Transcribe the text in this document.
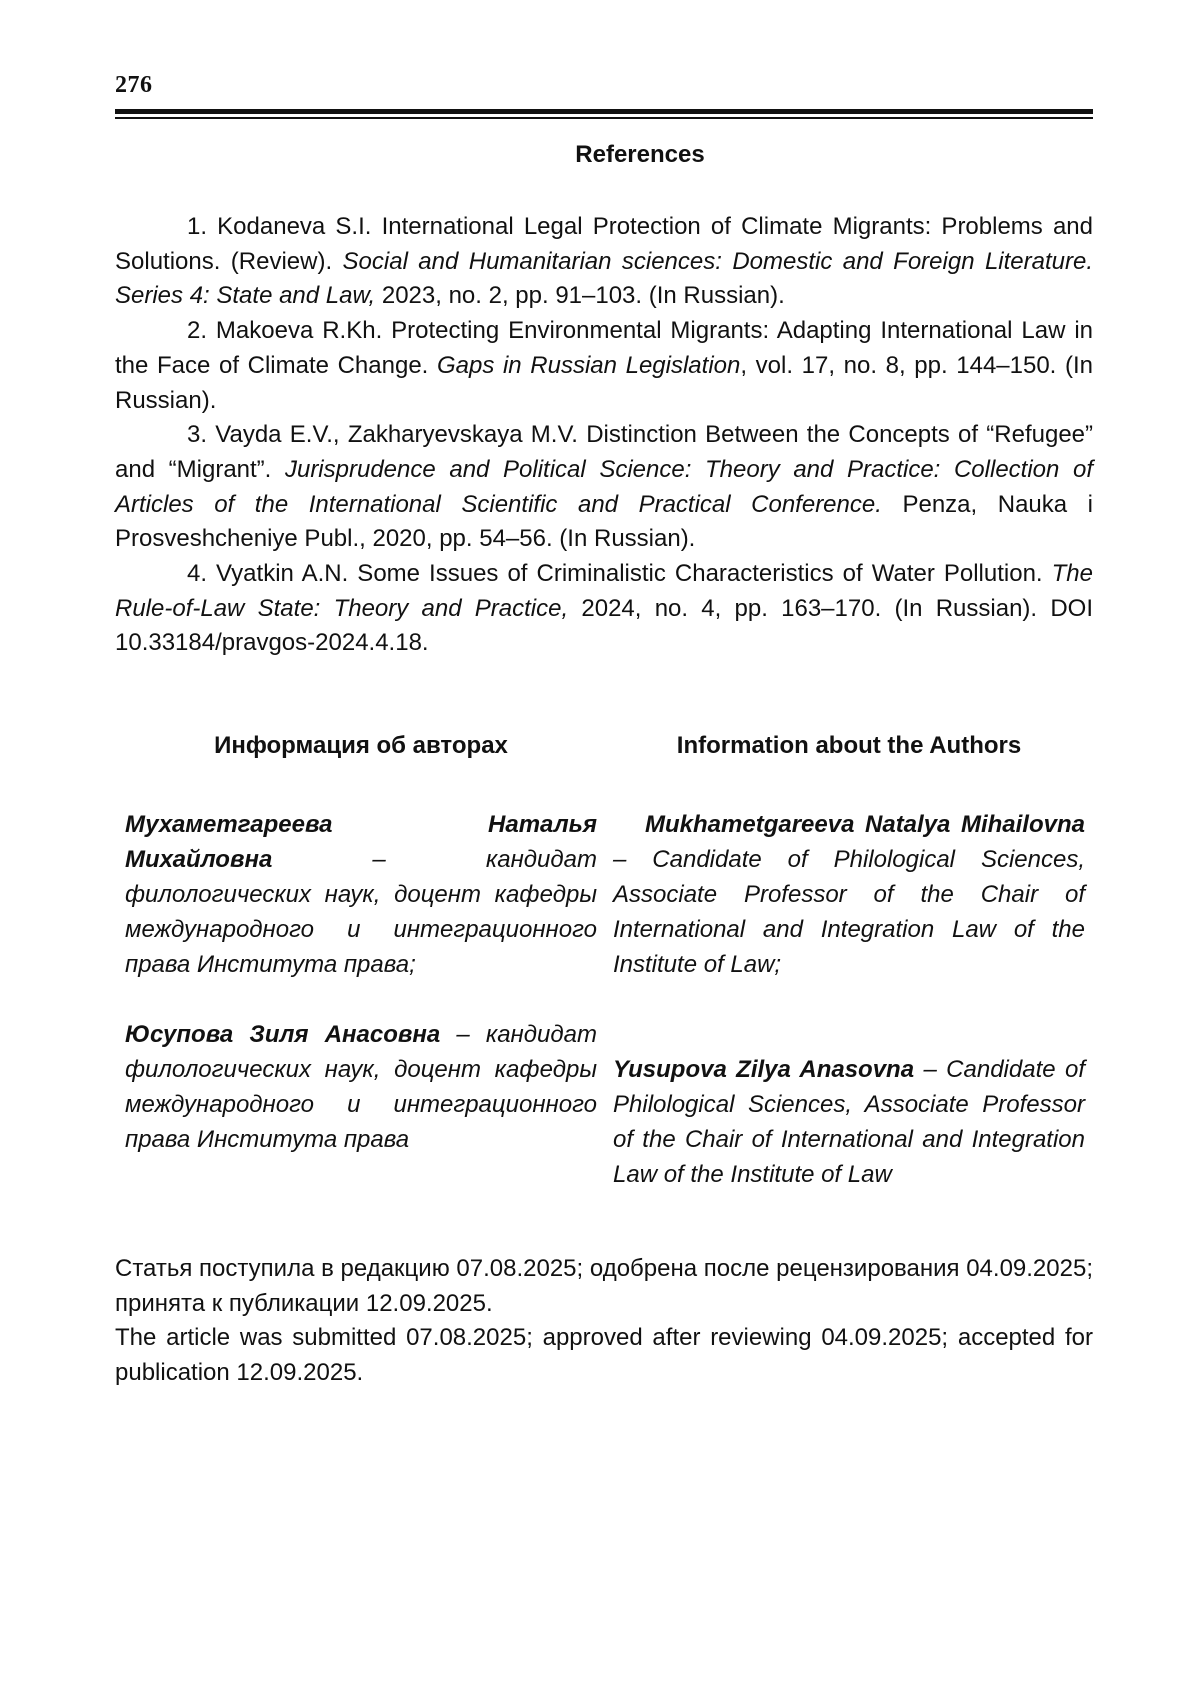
276
References

1. Kodaneva S.I. International Legal Protection of Climate Migrants: Problems and Solutions. (Review). Social and Humanitarian sciences: Domestic and Foreign Literature. Series 4: State and Law, 2023, no. 2, pp. 91–103. (In Russian).

2. Makoeva R.Kh. Protecting Environmental Migrants: Adapting International Law in the Face of Climate Change. Gaps in Russian Legislation, vol. 17, no. 8, pp. 144–150. (In Russian).

3. Vayda E.V., Zakharyevskaya M.V. Distinction Between the Concepts of “Refugee” and “Migrant”. Jurisprudence and Political Science: Theory and Practice: Collection of Articles of the International Scientific and Practical Conference. Penza, Nauka i Prosveshcheniye Publ., 2020, pp. 54–56. (In Russian).

4. Vyatkin A.N. Some Issues of Criminalistic Characteristics of Water Pollution. The Rule-of-Law State: Theory and Practice, 2024, no. 4, pp. 163–170. (In Russian). DOI 10.33184/pravgos-2024.4.18.

Информация об авторах

Мухаметгареева Наталья Михайловна – кандидат филологических наук, доцент кафедры международного и интеграционного права Института права;

Юсупова Зиля Анасовна – кандидат филологических наук, доцент кафедры международного и интеграционного права Института права

Information about the Authors

Mukhametgareeva Natalya Mihailovna – Candidate of Philological Sciences, Associate Professor of the Chair of International and Integration Law of the Institute of Law;

Yusupova Zilya Anasovna – Candidate of Philological Sciences, Associate Professor of the Chair of International and Integration Law of the Institute of Law

Статья поступила в редакцию 07.08.2025; одобрена после рецензирования 04.09.2025; принята к публикации 12.09.2025.

The article was submitted 07.08.2025; approved after reviewing 04.09.2025; accepted for publication 12.09.2025.
